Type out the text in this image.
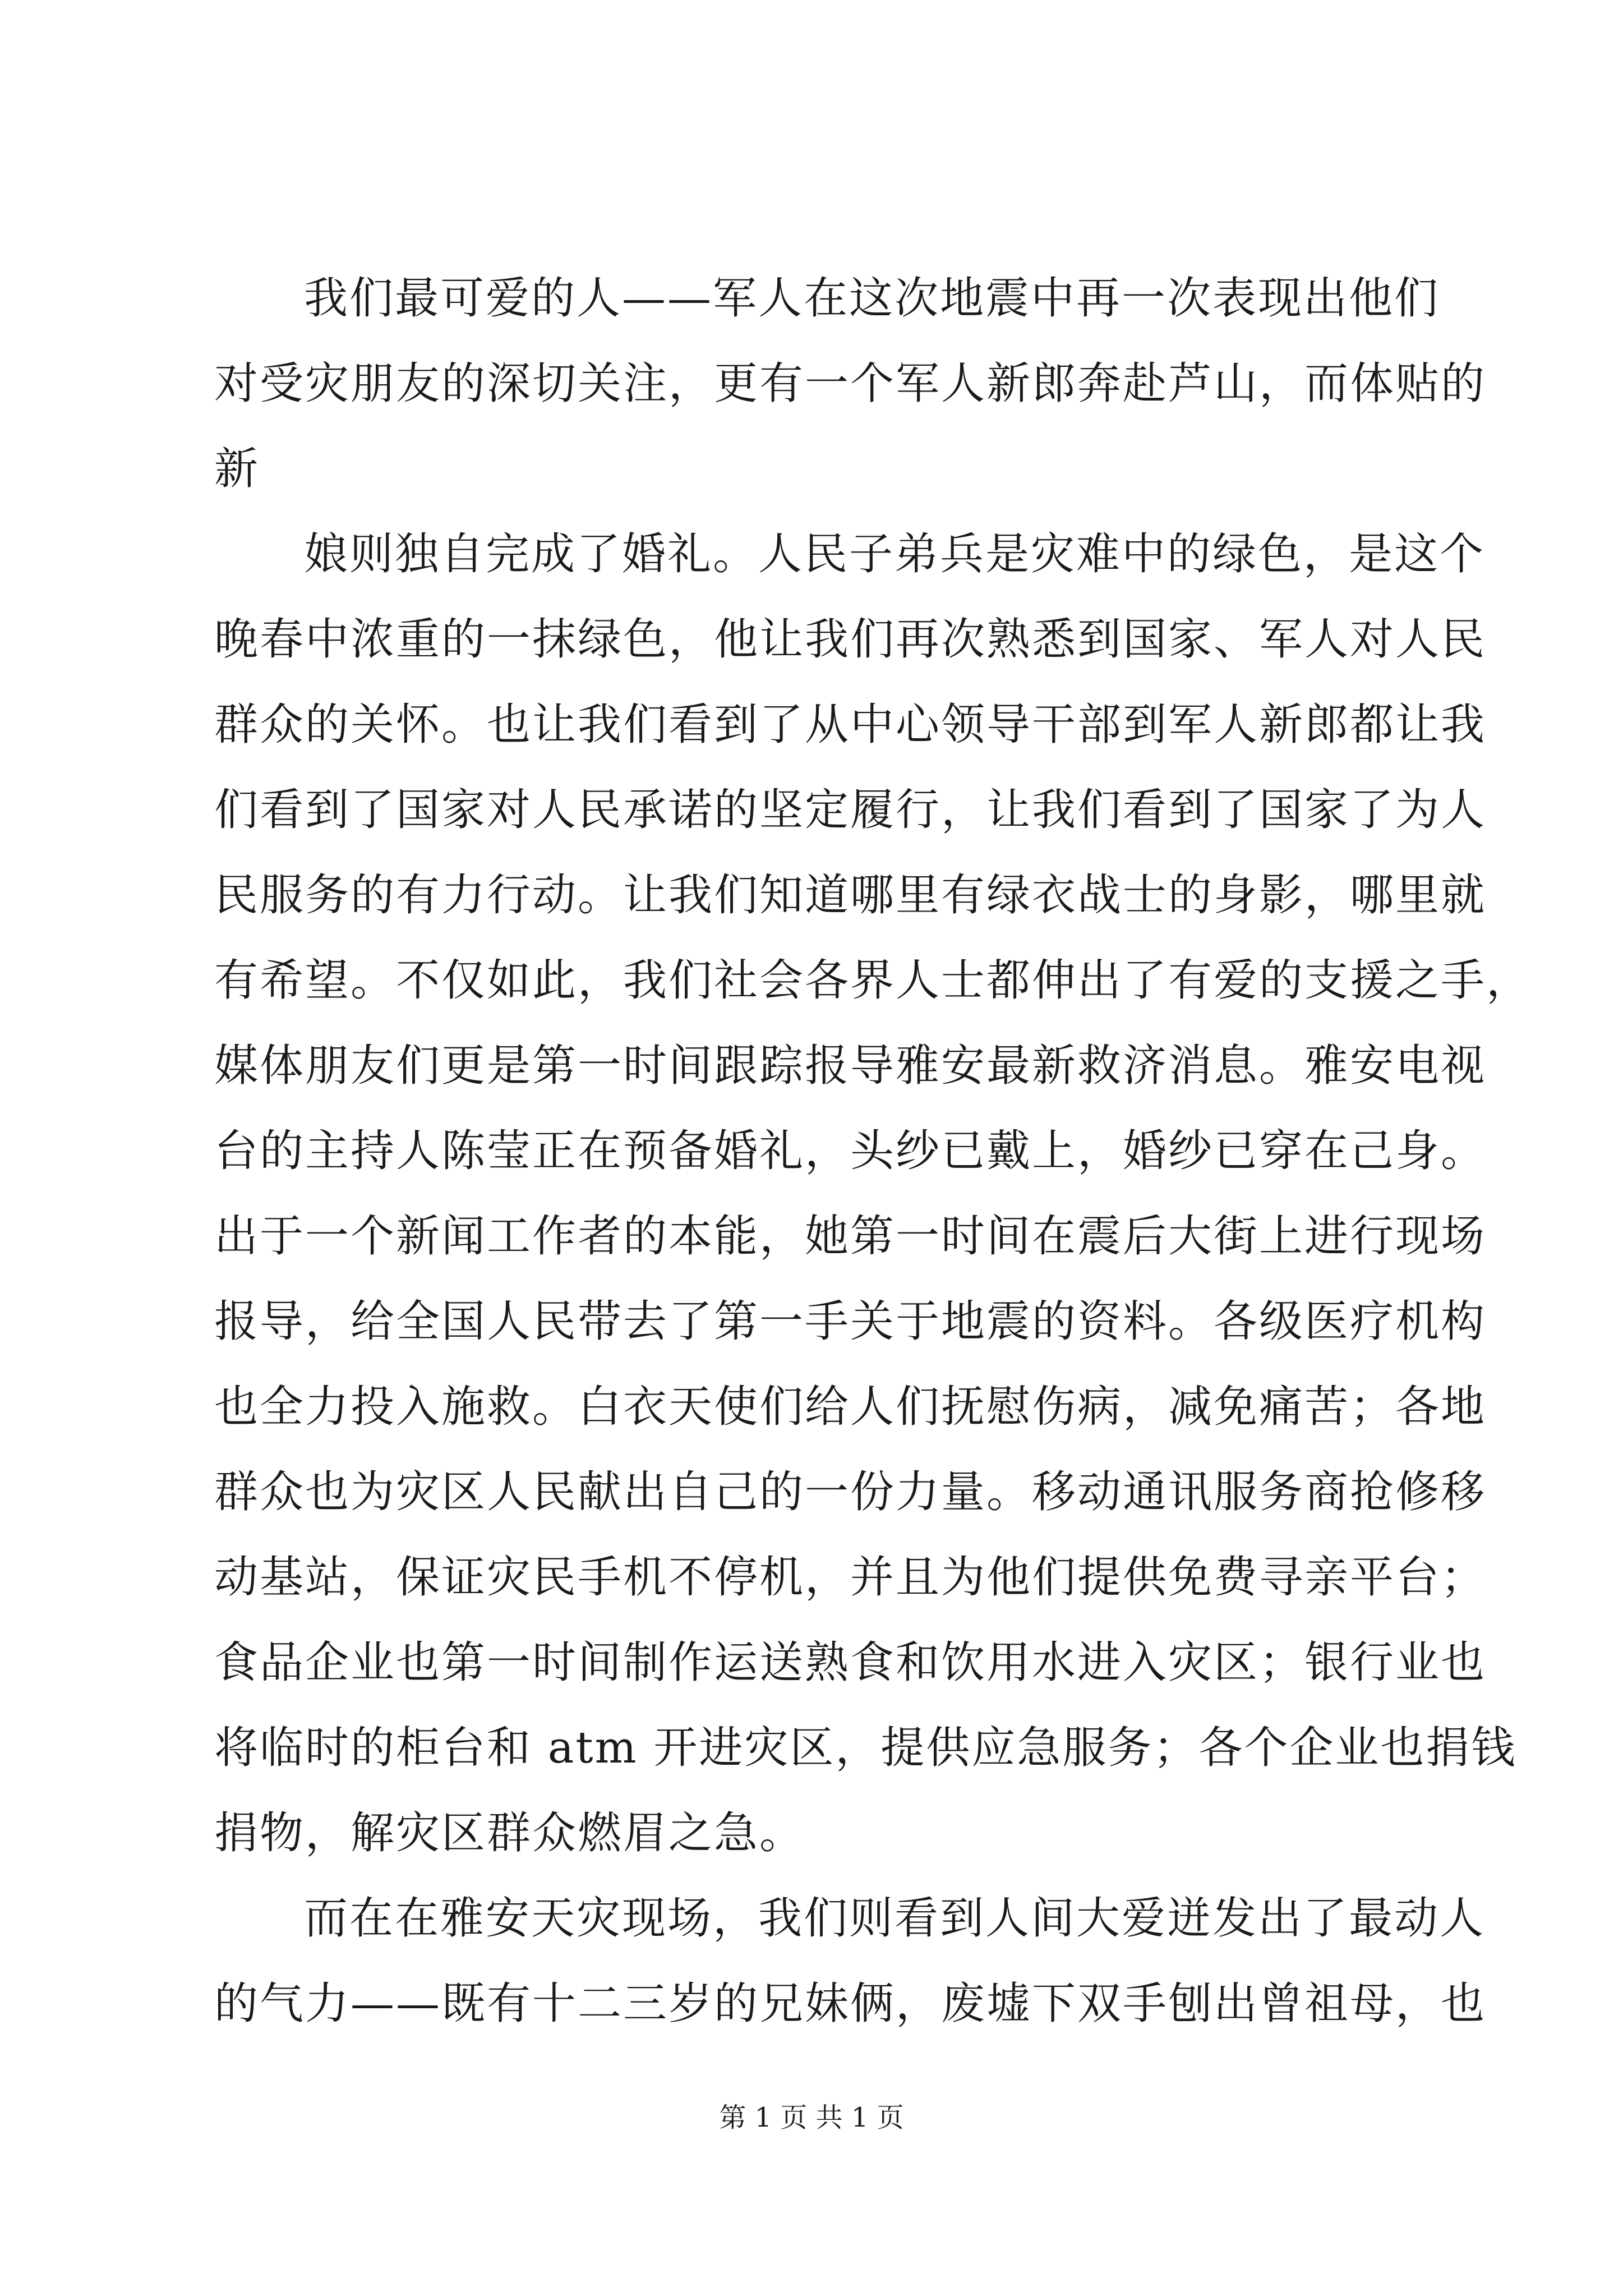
我们最可爱的人——军人在这次地震中再一次表现出他们
对受灾朋友的深切关注，更有一个军人新郎奔赴芦山，而体贴的
新
娘则独自完成了婚礼。人民子弟兵是灾难中的绿色，是这个
晚春中浓重的一抹绿色，他让我们再次熟悉到国家、军人对人民
群众的关怀。也让我们看到了从中心领导干部到军人新郎都让我
们看到了国家对人民承诺的坚定履行，让我们看到了国家了为人
民服务的有力行动。让我们知道哪里有绿衣战士的身影，哪里就
有希望。不仅如此，我们社会各界人士都伸出了有爱的支援之手，
媒体朋友们更是第一时间跟踪报导雅安最新救济消息。雅安电视
台的主持人陈莹正在预备婚礼，头纱已戴上，婚纱已穿在己身。
出于一个新闻工作者的本能，她第一时间在震后大街上进行现场
报导，给全国人民带去了第一手关于地震的资料。各级医疗机构
也全力投入施救。白衣天使们给人们抚慰伤病，减免痛苦；各地
群众也为灾区人民献出自己的一份力量。移动通讯服务商抢修移
动基站，保证灾民手机不停机，并且为他们提供免费寻亲平台；
食品企业也第一时间制作运送熟食和饮用水进入灾区；银行业也
将临时的柜台和 atm 开进灾区，提供应急服务；各个企业也捐钱
捐物，解灾区群众燃眉之急。
而在在雅安天灾现场，我们则看到人间大爱迸发出了最动人
的气力——既有十二三岁的兄妹俩，废墟下双手刨出曾祖母，也
第 1 页 共 1 页
